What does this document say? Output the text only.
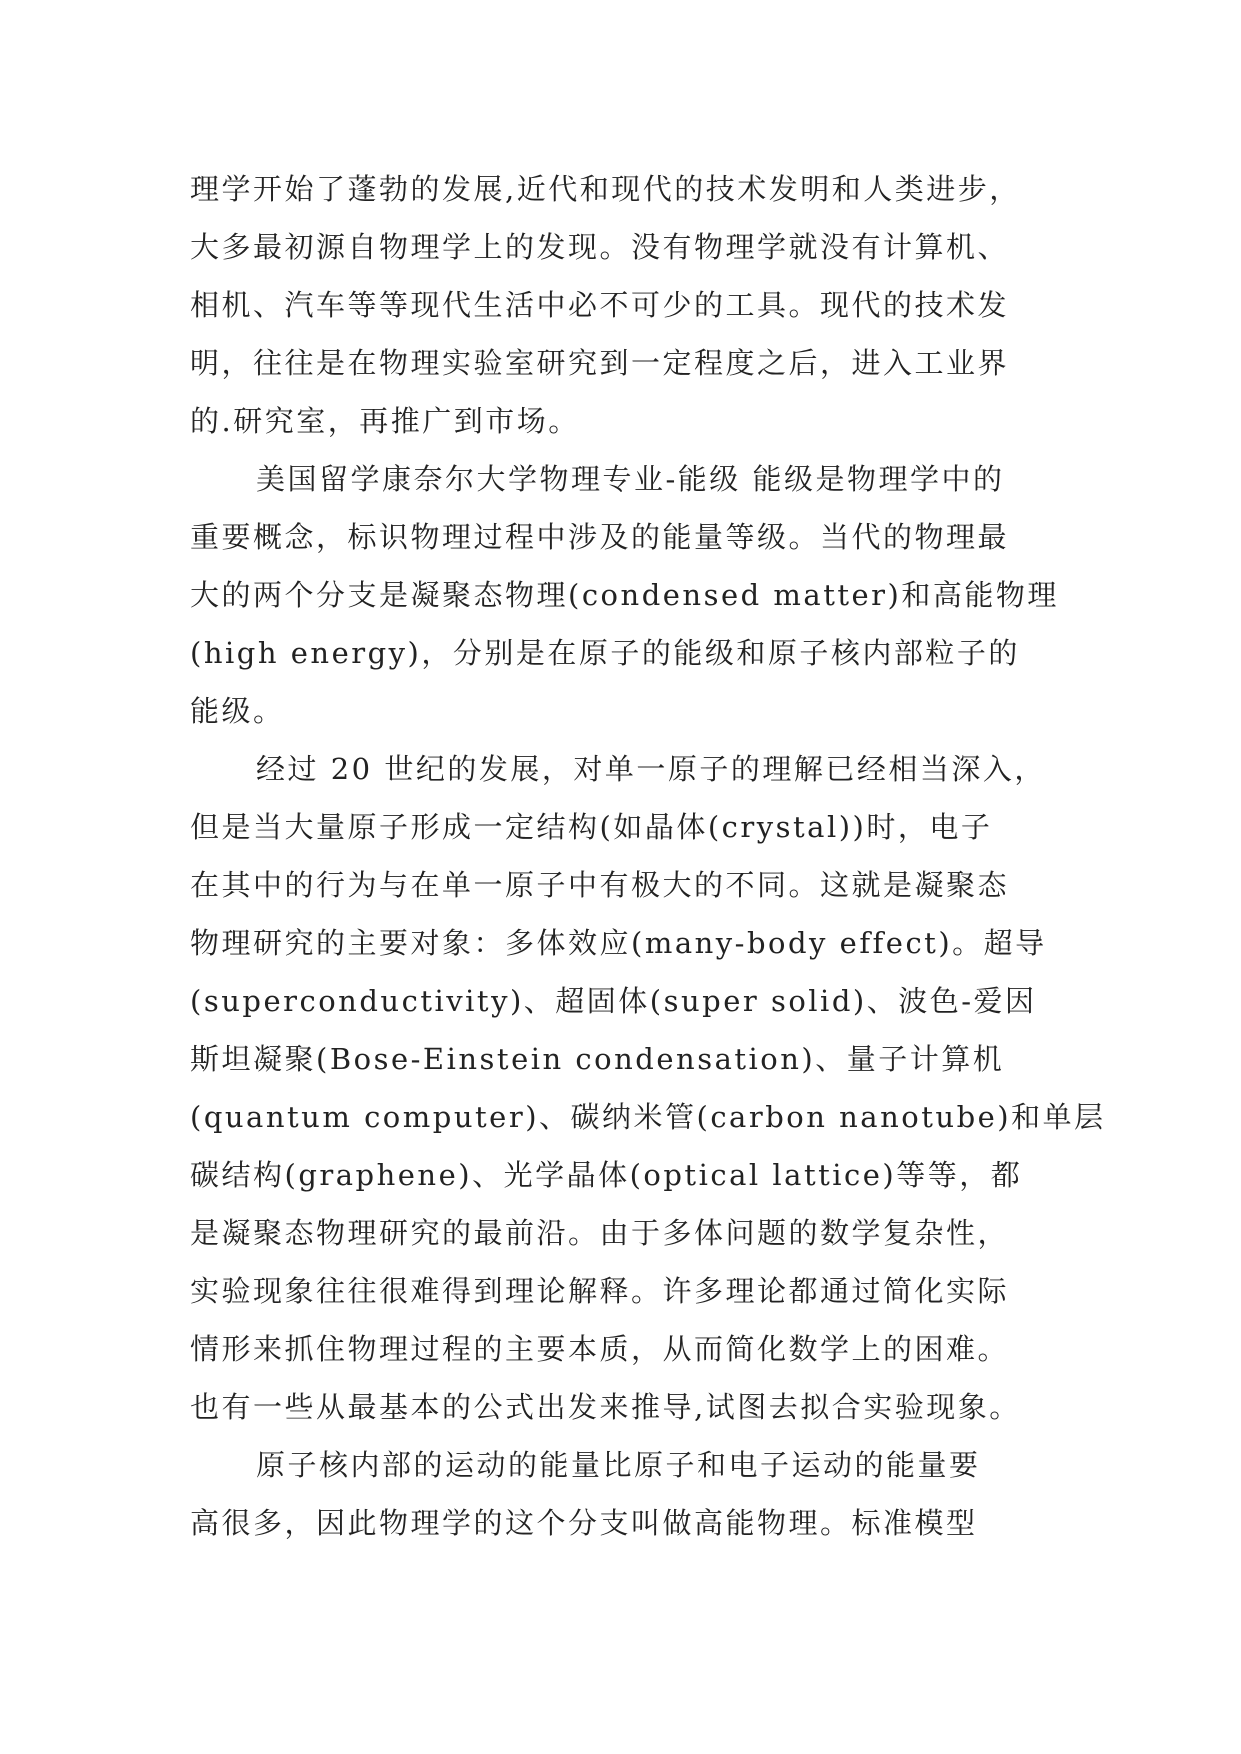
理学开始了蓬勃的发展,近代和现代的技术发明和人类进步，
大多最初源自物理学上的发现。没有物理学就没有计算机、
相机、汽车等等现代生活中必不可少的工具。现代的技术发
明，往往是在物理实验室研究到一定程度之后，进入工业界
的.研究室，再推广到市场。
美国留学康奈尔大学物理专业-能级 能级是物理学中的
重要概念，标识物理过程中涉及的能量等级。当代的物理最
大的两个分支是凝聚态物理(condensed matter)和高能物理
(high energy)，分别是在原子的能级和原子核内部粒子的
能级。
经过 20 世纪的发展，对单一原子的理解已经相当深入，
但是当大量原子形成一定结构(如晶体(crystal))时，电子
在其中的行为与在单一原子中有极大的不同。这就是凝聚态
物理研究的主要对象：多体效应(many-body effect)。超导
(superconductivity)、超固体(super solid)、波色-爱因
斯坦凝聚(Bose-Einstein condensation)、量子计算机
(quantum computer)、碳纳米管(carbon nanotube)和单层
碳结构(graphene)、光学晶体(optical lattice)等等，都
是凝聚态物理研究的最前沿。由于多体问题的数学复杂性，
实验现象往往很难得到理论解释。许多理论都通过简化实际
情形来抓住物理过程的主要本质，从而简化数学上的困难。
也有一些从最基本的公式出发来推导,试图去拟合实验现象。
原子核内部的运动的能量比原子和电子运动的能量要
高很多，因此物理学的这个分支叫做高能物理。标准模型
